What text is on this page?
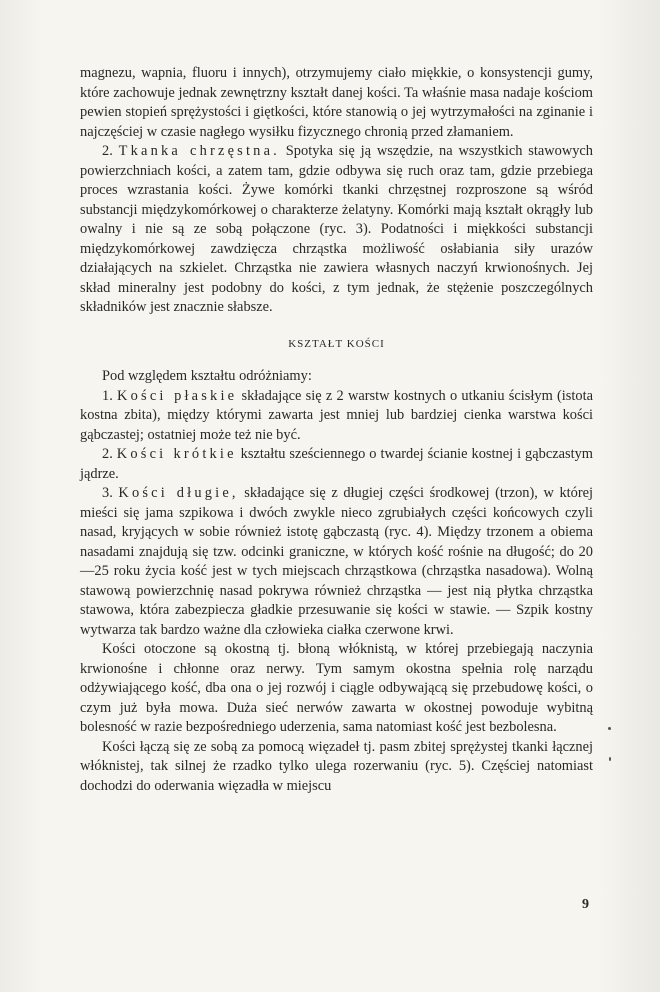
magnezu, wapnia, fluoru i innych), otrzymujemy ciało miękkie, o konsystencji gumy, które zachowuje jednak zewnętrzny kształt danej kości. Ta właśnie masa nadaje kościom pewien stopień sprężystości i giętkości, które stanowią o jej wytrzymałości na zginanie i najczęściej w czasie nagłego wysiłku fizycznego chronią przed złamaniem.

2. Tkanka chrzęstna. Spotyka się ją wszędzie, na wszystkich stawowych powierzchniach kości, a zatem tam, gdzie odbywa się ruch oraz tam, gdzie przebiega proces wzrastania kości. Żywe komórki tkanki chrzęstnej rozproszone są wśród substancji międzykomórkowej o charakterze żelatyny. Komórki mają kształt okrągły lub owalny i nie są ze sobą połączone (ryc. 3). Podatności i miękkości substancji międzykomórkowej zawdzięcza chrząstka możliwość osłabiania siły urazów działających na szkielet. Chrząstka nie zawiera własnych naczyń krwionośnych. Jej skład mineralny jest podobny do kości, z tym jednak, że stężenie poszczególnych składników jest znacznie słabsze.

KSZTAŁT KOŚCI

Pod względem kształtu odróżniamy:

1. Kości płaskie składające się z 2 warstw kostnych o utkaniu ścisłym (istota kostna zbita), między którymi zawarta jest mniej lub bardziej cienka warstwa kości gąbczastej; ostatniej może też nie być.

2. Kości krótkie kształtu sześciennego o twardej ścianie kostnej i gąbczastym jądrze.

3. Kości długie, składające się z długiej części środkowej (trzon), w której mieści się jama szpikowa i dwóch zwykle nieco zgrubiałych części końcowych czyli nasad, kryjących w sobie również istotę gąbczastą (ryc. 4). Między trzonem a obiema nasadami znajdują się tzw. odcinki graniczne, w których kość rośnie na długość; do 20—25 roku życia kość jest w tych miejscach chrząstkowa (chrząstka nasadowa). Wolną stawową powierzchnię nasad pokrywa również chrząstka — jest nią płytka chrząstka stawowa, która zabezpiecza gładkie przesuwanie się kości w stawie. — Szpik kostny wytwarza tak bardzo ważne dla człowieka ciałka czerwone krwi.

Kości otoczone są okostną tj. błoną włóknistą, w której przebiegają naczynia krwionośne i chłonne oraz nerwy. Tym samym okostna spełnia rolę narządu odżywiającego kość, dba ona o jej rozwój i ciągle odbywającą się przebudowę kości, o czym już była mowa. Duża sieć nerwów zawarta w okostnej powoduje wybitną bolesność w razie bezpośredniego uderzenia, sama natomiast kość jest bezbolesna.

Kości łączą się ze sobą za pomocą więzadeł tj. pasm zbitej sprężystej tkanki łącznej włóknistej, tak silnej że rzadko tylko ulega rozerwaniu (ryc. 5). Częściej natomiast dochodzi do oderwania więzadła w miejscu

9
